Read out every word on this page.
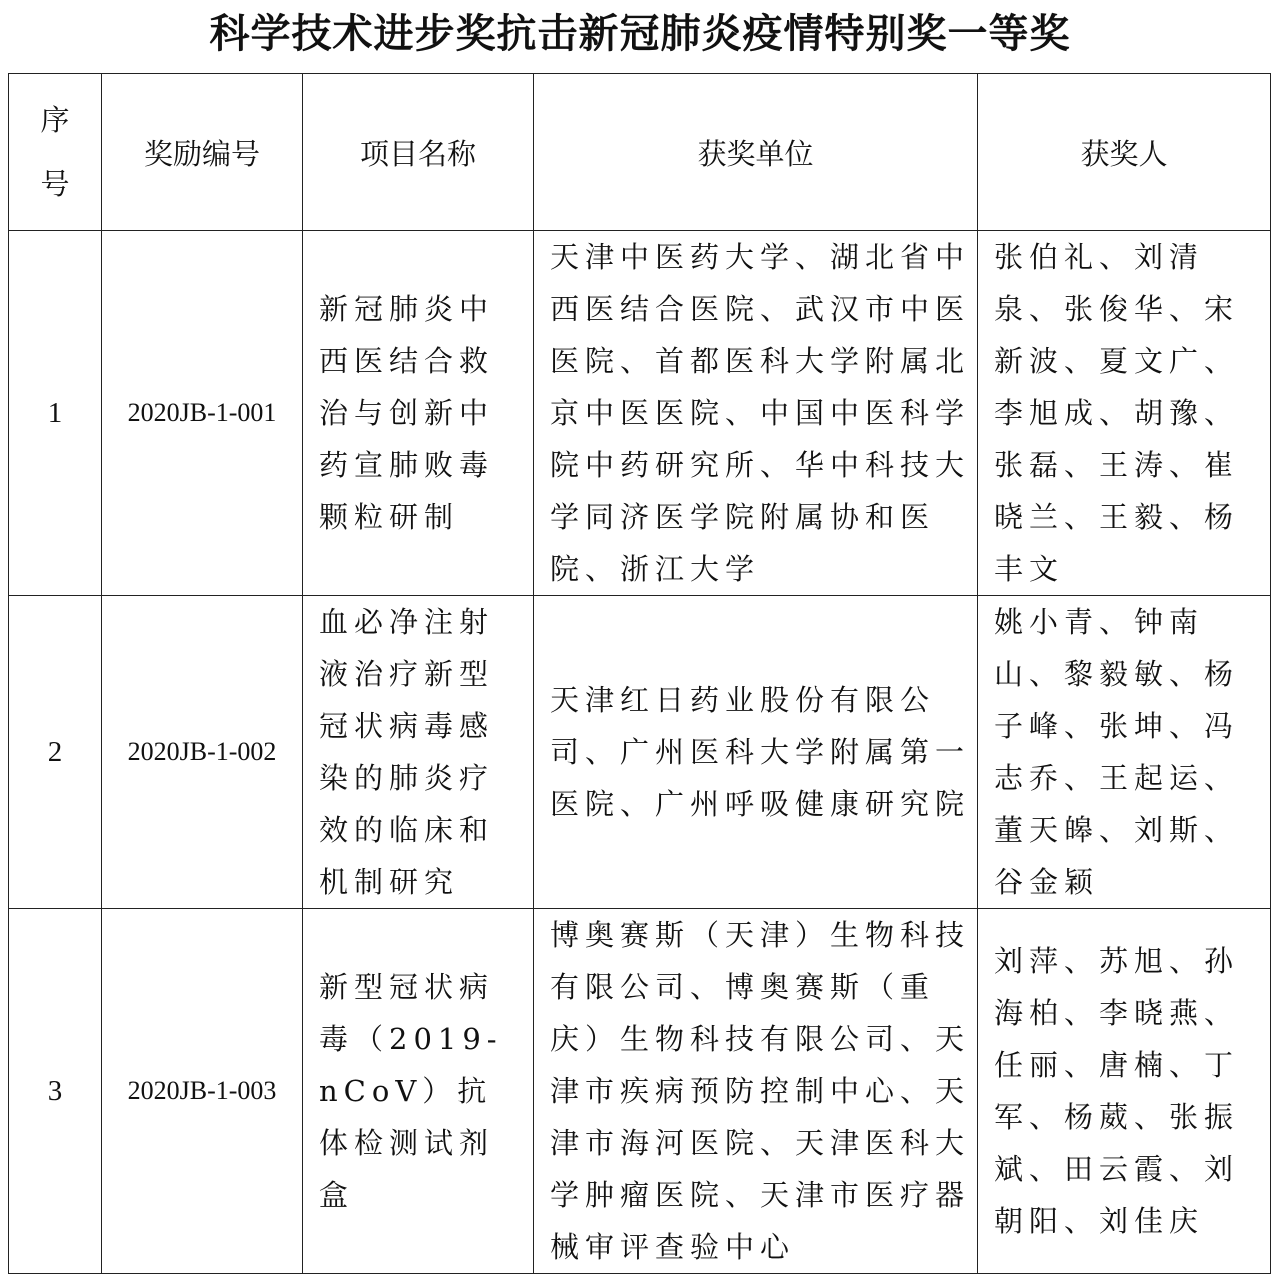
科学技术进步奖抗击新冠肺炎疫情特别奖一等奖
序
号	奖励编号	项目名称	获奖单位	获奖人
1	2020JB-1-001	新冠肺炎中西医结合救治与创新中药宣肺败毒颗粒研制	天津中医药大学、湖北省中西医结合医院、武汉市中医医院、首都医科大学附属北京中医医院、中国中医科学院中药研究所、华中科技大学同济医学院附属协和医院、浙江大学	张伯礼、刘清泉、张俊华、宋新波、夏文广、李旭成、胡豫、张磊、王涛、崔晓兰、王毅、杨丰文

2	2020JB-1-002	血必净注射液治疗新型冠状病毒感染的肺炎疗效的临床和机制研究	天津红日药业股份有限公司、广州医科大学附属第一医院、广州呼吸健康研究院	姚小青、钟南山、黎毅敏、杨子峰、张坤、冯志乔、王起运、董天皞、刘斯、谷金颖

3	2020JB-1-003	新型冠状病毒（2019-nCoV）抗体检测试剂盒	博奥赛斯（天津）生物科技有限公司、博奥赛斯（重庆）生物科技有限公司、天津市疾病预防控制中心、天津市海河医院、天津医科大学肿瘤医院、天津市医疗器械审评查验中心	刘萍、苏旭、孙海柏、李晓燕、任丽、唐楠、丁军、杨葳、张振斌、田云霞、刘朝阳、刘佳庆
